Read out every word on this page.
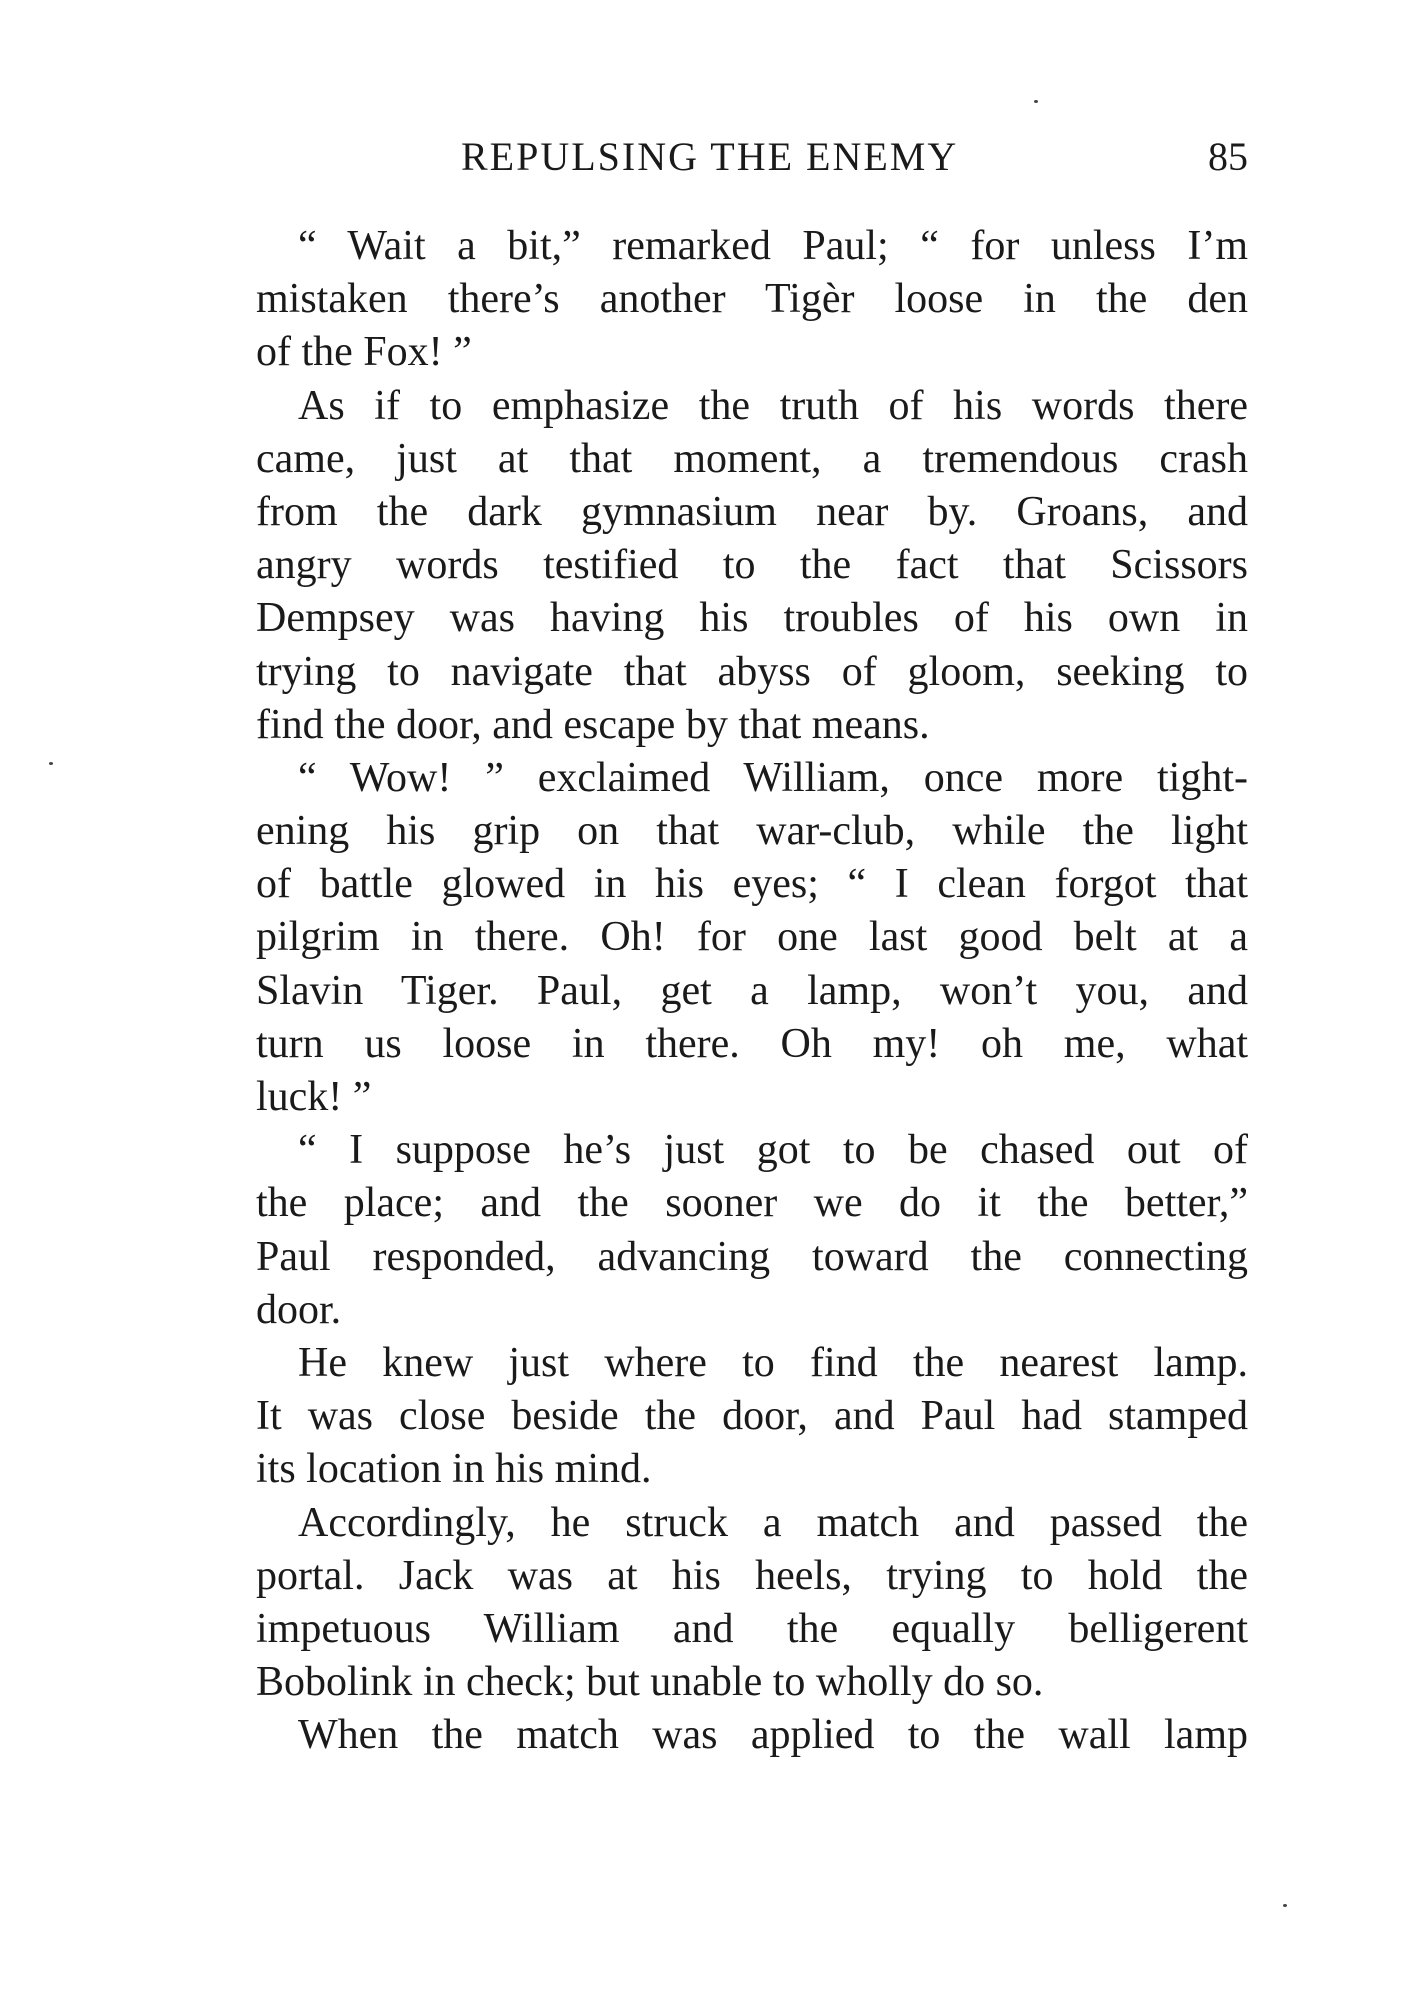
REPULSING THE ENEMY	85
“ Wait a bit,” remarked Paul; “ for unless I’m
mistaken there’s another Tigèr loose in the den
of the Fox! ”
As if to emphasize the truth of his words there
came, just at that moment, a tremendous crash
from the dark gymnasium near by. Groans, and
angry words testified to the fact that Scissors
Dempsey was having his troubles of his own in
trying to navigate that abyss of gloom, seeking to
find the door, and escape by that means.
“ Wow! ” exclaimed William, once more tight-
ening his grip on that war-club, while the light
of battle glowed in his eyes; “ I clean forgot that
pilgrim in there. Oh! for one last good belt at a
Slavin Tiger. Paul, get a lamp, won’t you, and
turn us loose in there. Oh my! oh me, what
luck! ”
“ I suppose he’s just got to be chased out of
the place; and the sooner we do it the better,”
Paul responded, advancing toward the connecting
door.
He knew just where to find the nearest lamp.
It was close beside the door, and Paul had stamped
its location in his mind.
Accordingly, he struck a match and passed the
portal. Jack was at his heels, trying to hold the
impetuous William and the equally belligerent
Bobolink in check; but unable to wholly do so.
When the match was applied to the wall lamp
